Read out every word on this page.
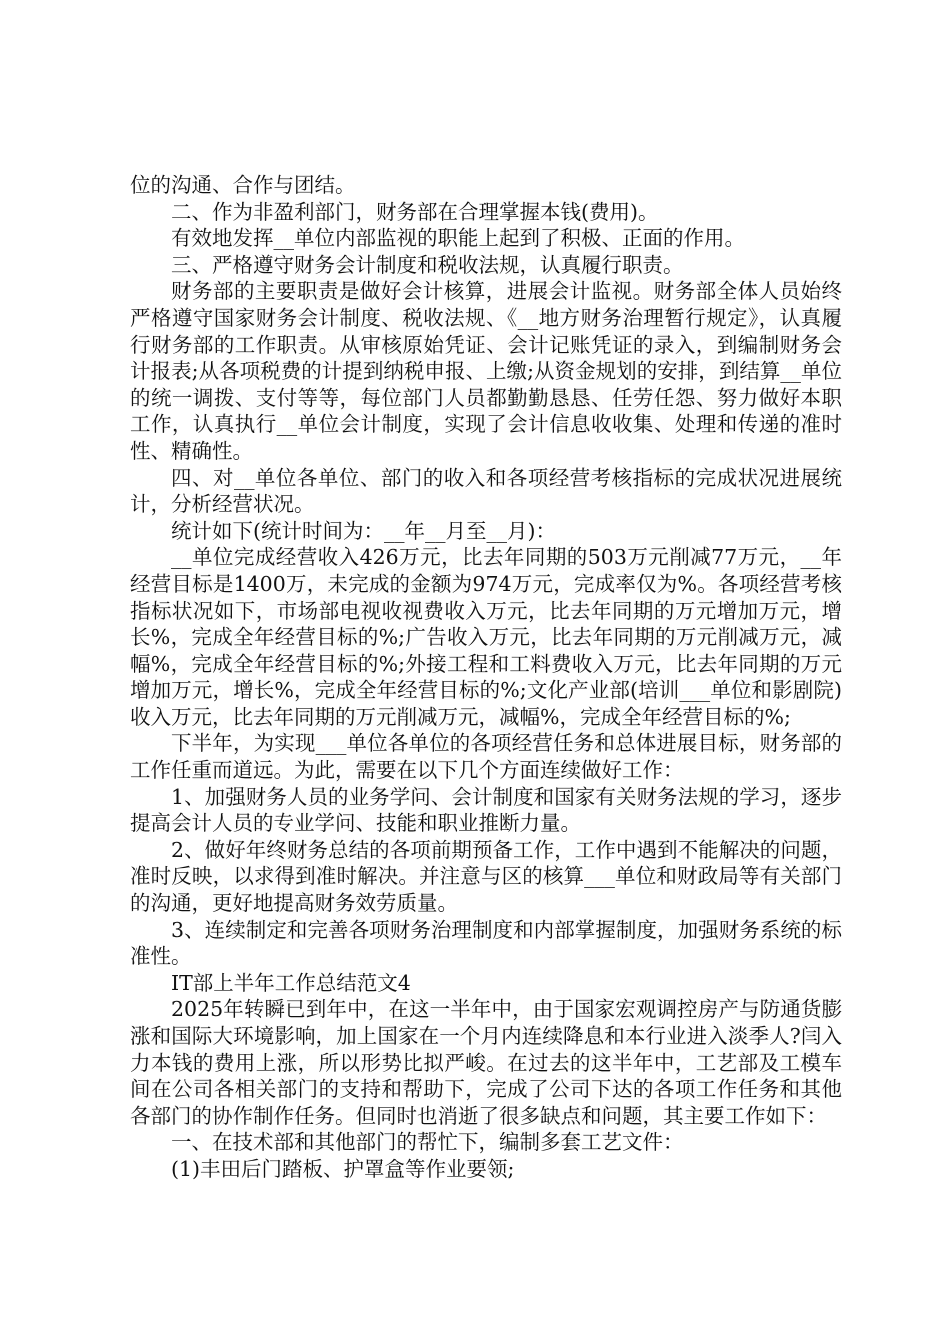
位的沟通、合作与团结。

二、作为非盈利部门，财务部在合理掌握本钱(费用)。

有效地发挥__单位内部监视的职能上起到了积极、正面的作用。

三、严格遵守财务会计制度和税收法规，认真履行职责。

财务部的主要职责是做好会计核算，进展会计监视。财务部全体人员始终严格遵守国家财务会计制度、税收法规、《__地方财务治理暂行规定》，认真履行财务部的工作职责。从审核原始凭证、会计记账凭证的录入，到编制财务会计报表;从各项税费的计提到纳税申报、上缴;从资金规划的安排，到结算__单位的统一调拨、支付等等，每位部门人员都勤勤恳恳、任劳任怨、努力做好本职工作，认真执行__单位会计制度，实现了会计信息收收集、处理和传递的准时性、精确性。

四、对__单位各单位、部门的收入和各项经营考核指标的完成状况进展统计，分析经营状况。

统计如下(统计时间为：__年__月至__月)：

__单位完成经营收入426万元，比去年同期的503万元削减77万元，__年经营目标是1400万，未完成的金额为974万元，完成率仅为%。各项经营考核指标状况如下，市场部电视收视费收入万元，比去年同期的万元增加万元，增长%，完成全年经营目标的%;广告收入万元，比去年同期的万元削减万元，减幅%，完成全年经营目标的%;外接工程和工料费收入万元，比去年同期的万元增加万元，增长%，完成全年经营目标的%;文化产业部(培训___单位和影剧院)收入万元，比去年同期的万元削减万元，减幅%，完成全年经营目标的%;

下半年，为实现___单位各单位的各项经营任务和总体进展目标，财务部的工作任重而道远。为此，需要在以下几个方面连续做好工作：

1、加强财务人员的业务学问、会计制度和国家有关财务法规的学习，逐步提高会计人员的专业学问、技能和职业推断力量。

2、做好年终财务总结的各项前期预备工作，工作中遇到不能解决的问题，准时反映，以求得到准时解决。并注意与区的核算___单位和财政局等有关部门的沟通，更好地提高财务效劳质量。

3、连续制定和完善各项财务治理制度和内部掌握制度，加强财务系统的标准性。

IT部上半年工作总结范文4

2025年转瞬已到年中，在这一半年中，由于国家宏观调控房产与防通货膨涨和国际大环境影响，加上国家在一个月内连续降息和本行业进入淡季人?闫入力本钱的费用上涨，所以形势比拟严峻。在过去的这半年中，工艺部及工模车间在公司各相关部门的支持和帮助下，完成了公司下达的各项工作任务和其他各部门的协作制作任务。但同时也消逝了很多缺点和问题，其主要工作如下：

一、在技术部和其他部门的帮忙下，编制多套工艺文件：

(1)丰田后门踏板、护罩盒等作业要领;
